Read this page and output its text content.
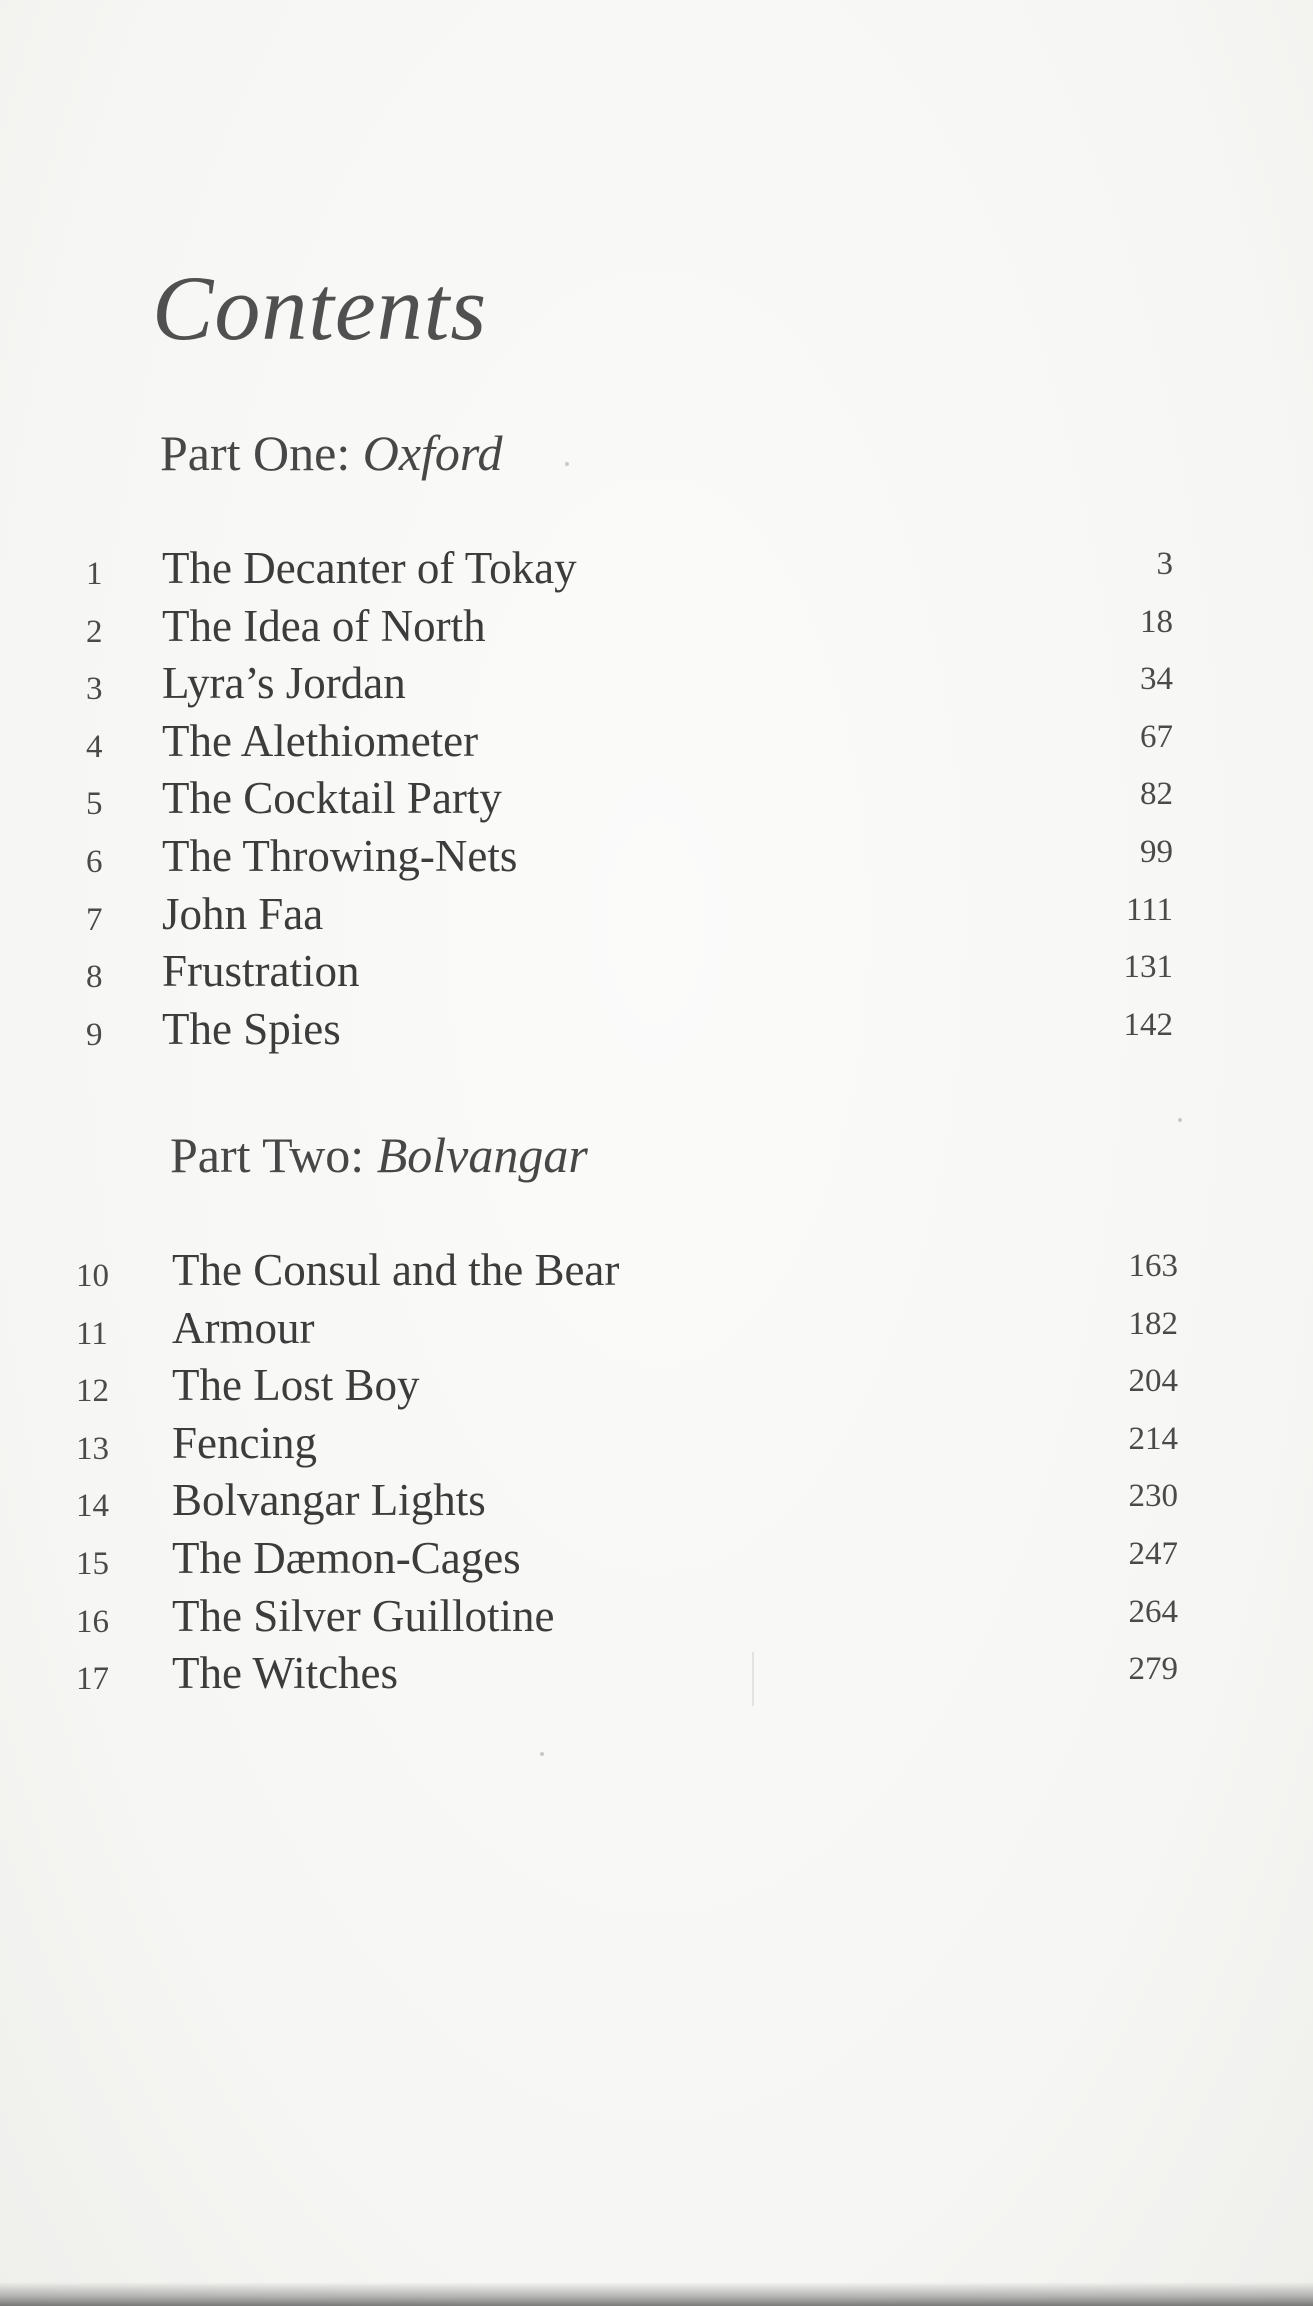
Contents
Part One: Oxford
1 The Decanter of Tokay	3
2 The Idea of North	18
3 Lyra’s Jordan	34
4 The Alethiometer	67
5 The Cocktail Party	82
6 The Throwing-Nets	99
7 John Faa	111
8 Frustration	131
9 The Spies	142
Part Two: Bolvangar
10 The Consul and the Bear	163
11 Armour	182
12 The Lost Boy	204
13 Fencing	214
14 Bolvangar Lights	230
15 The Dæmon-Cages	247
16 The Silver Guillotine	264
17 The Witches	279
